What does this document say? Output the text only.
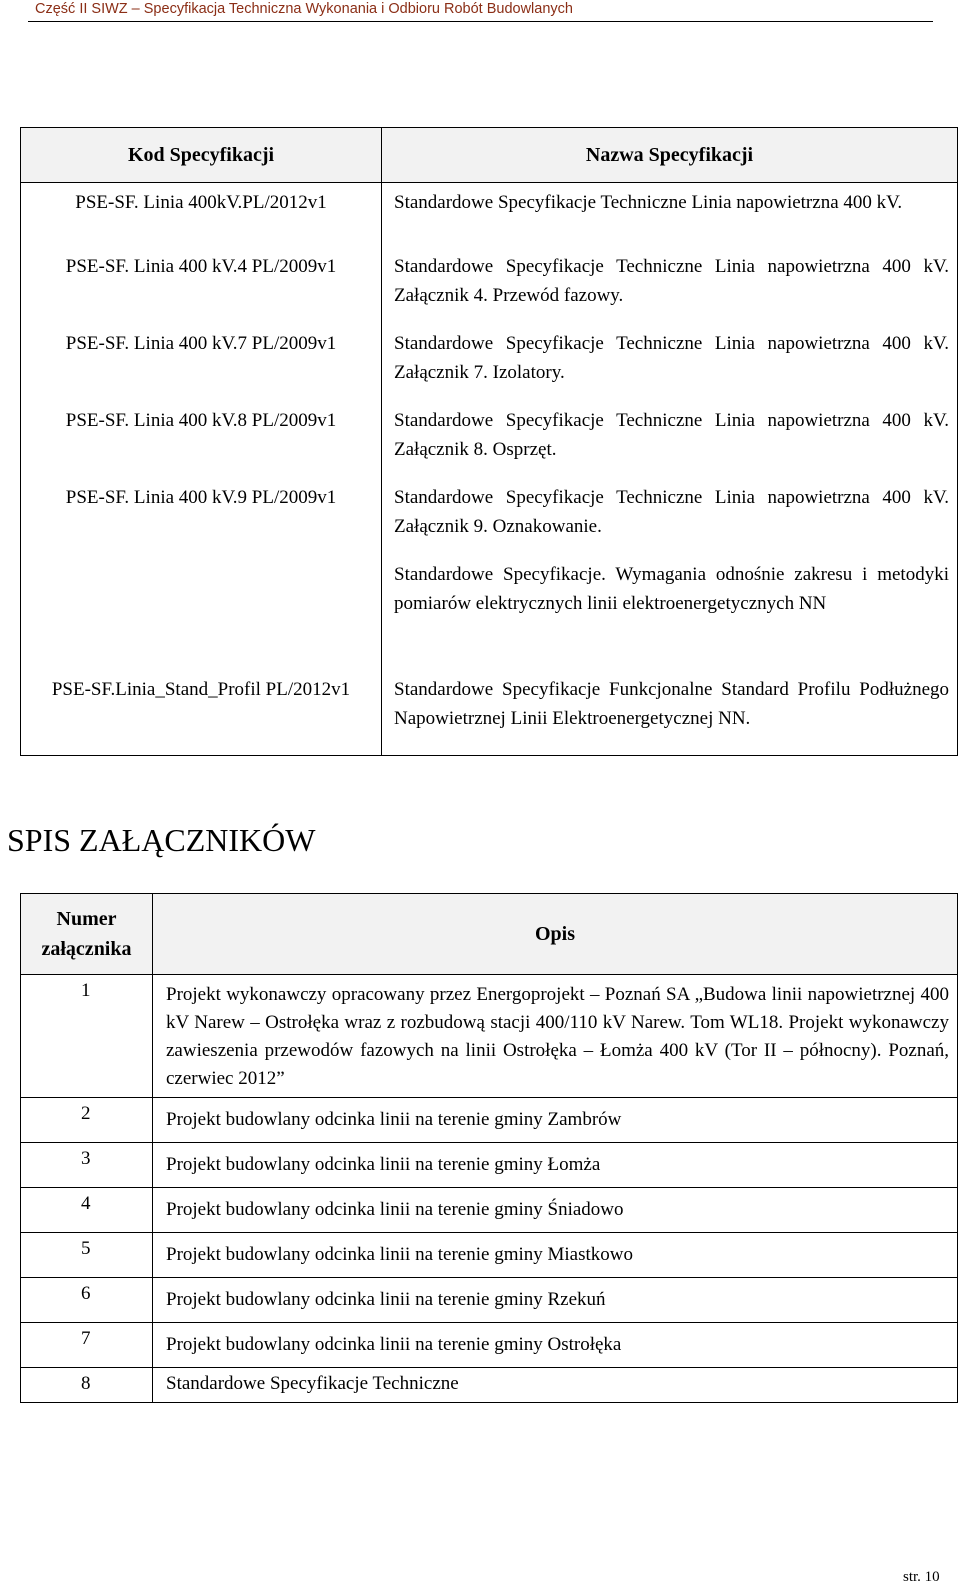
Część II SIWZ – Specyfikacja Techniczna Wykonania i Odbioru Robót Budowlanych
Kod Specyfikacji	Nazwa Specyfikacji
PSE-SF. Linia 400kV.PL/2012v1	Standardowe Specyfikacje Techniczne Linia napowietrzna 400 kV.
PSE-SF. Linia 400 kV.4 PL/2009v1	Standardowe Specyfikacje Techniczne Linia napowietrzna 400 kV. Załącznik 4. Przewód fazowy.
PSE-SF. Linia 400 kV.7 PL/2009v1	Standardowe Specyfikacje Techniczne Linia napowietrzna 400 kV. Załącznik 7. Izolatory.
PSE-SF. Linia 400 kV.8 PL/2009v1	Standardowe Specyfikacje Techniczne Linia napowietrzna 400 kV. Załącznik 8. Osprzęt.
PSE-SF. Linia 400 kV.9 PL/2009v1	Standardowe Specyfikacje Techniczne Linia napowietrzna 400 kV. Załącznik 9. Oznakowanie.
	Standardowe Specyfikacje. Wymagania odnośnie zakresu i metodyki pomiarów elektrycznych linii elektroenergetycznych NN
PSE-SF.Linia_Stand_Profil PL/2012v1	Standardowe Specyfikacje Funkcjonalne Standard Profilu Podłużnego Napowietrznej Linii Elektroenergetycznej NN.
SPIS ZAŁĄCZNIKÓW
Numer załącznika	Opis
1	Projekt wykonawczy opracowany przez Energoprojekt – Poznań SA „Budowa linii napowietrznej 400 kV Narew – Ostrołęka wraz z rozbudową stacji 400/110 kV Narew. Tom WL18. Projekt wykonawczy zawieszenia przewodów fazowych na linii Ostrołęka – Łomża 400 kV (Tor II – północny). Poznań, czerwiec 2012”
2	Projekt budowlany odcinka linii na terenie gminy Zambrów
3	Projekt budowlany odcinka linii na terenie gminy Łomża
4	Projekt budowlany odcinka linii na terenie gminy Śniadowo
5	Projekt budowlany odcinka linii na terenie gminy Miastkowo
6	Projekt budowlany odcinka linii na terenie gminy Rzekuń
7	Projekt budowlany odcinka linii na terenie gminy Ostrołęka
8	Standardowe Specyfikacje Techniczne
str. 10
